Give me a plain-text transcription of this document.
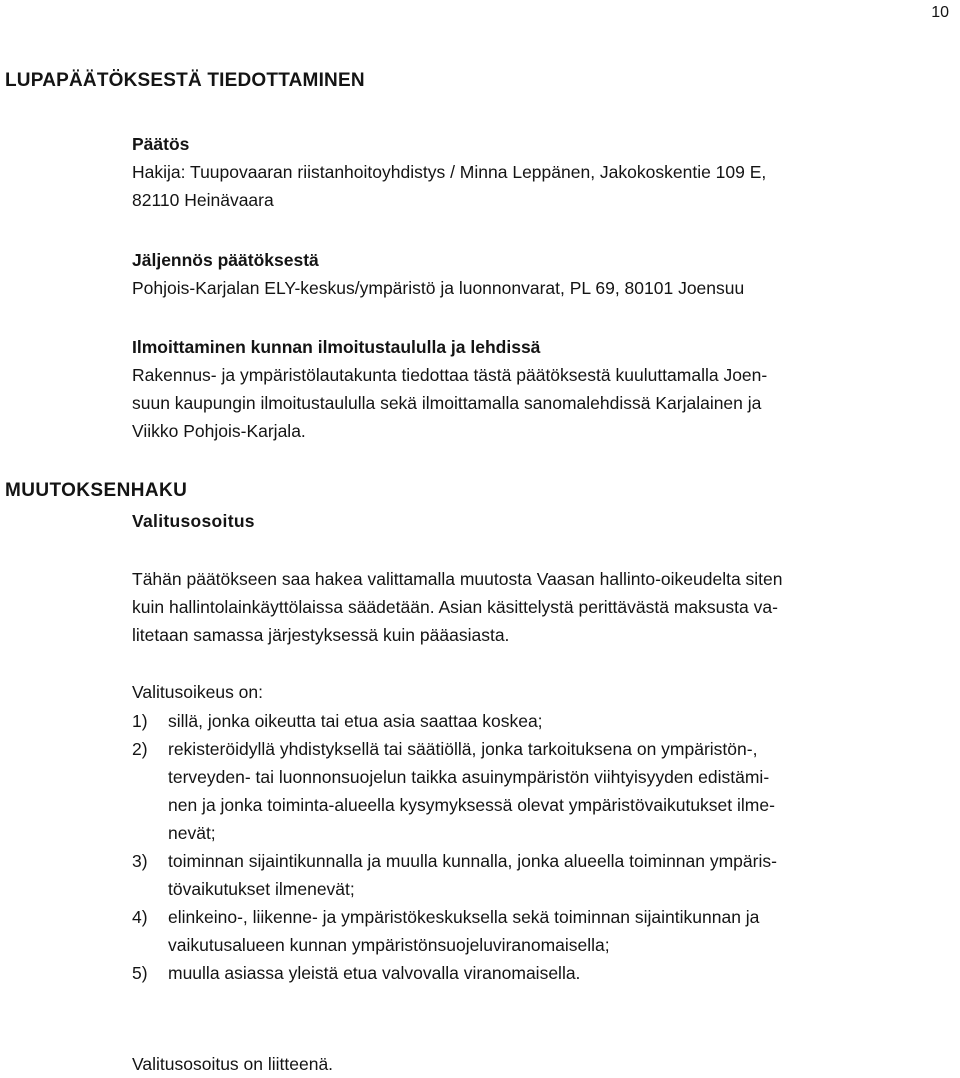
10
LUPAPÄÄTÖKSESTÄ TIEDOTTAMINEN
Päätös
Hakija: Tuupovaaran riistanhoitoyhdistys / Minna Leppänen, Jakokoskentie 109 E,
82110 Heinävaara
Jäljennös päätöksestä
Pohjois-Karjalan ELY-keskus/ympäristö ja luonnonvarat, PL 69, 80101 Joensuu
Ilmoittaminen kunnan ilmoitustaululla ja lehdissä
Rakennus- ja ympäristölautakunta tiedottaa tästä päätöksestä kuuluttamalla Joen-
suun kaupungin ilmoitustaululla sekä ilmoittamalla sanomalehdissä Karjalainen ja
Viikko Pohjois-Karjala.
MUUTOKSENHAKU
Valitusosoitus
Tähän päätökseen saa hakea valittamalla muutosta Vaasan hallinto-oikeudelta siten
kuin hallintolainkäyttölaissa säädetään. Asian käsittelystä perittävästä maksusta va-
litetaan samassa järjestyksessä kuin pääasiasta.
Valitusoikeus on:
1)	sillä, jonka oikeutta tai etua asia saattaa koskea;
2)	rekisteröidyllä yhdistyksellä tai säätiöllä, jonka tarkoituksena on ympäristön-,
terveyden- tai luonnonsuojelun taikka asuinympäristön viihtyisyyden edistämi-
nen ja jonka toiminta-alueella kysymyksessä olevat ympäristövaikutukset ilme-
nevät;
3)	toiminnan sijaintikunnalla ja muulla kunnalla, jonka alueella toiminnan ympäris-
tövaikutukset ilmenevät;
4)	elinkeino-, liikenne- ja ympäristökeskuksella sekä toiminnan sijaintikunnan ja
vaikutusalueen kunnan ympäristönsuojeluviranomaisella;
5)	muulla asiassa yleistä etua valvovalla viranomaisella.
Valitusosoitus on liitteenä.
